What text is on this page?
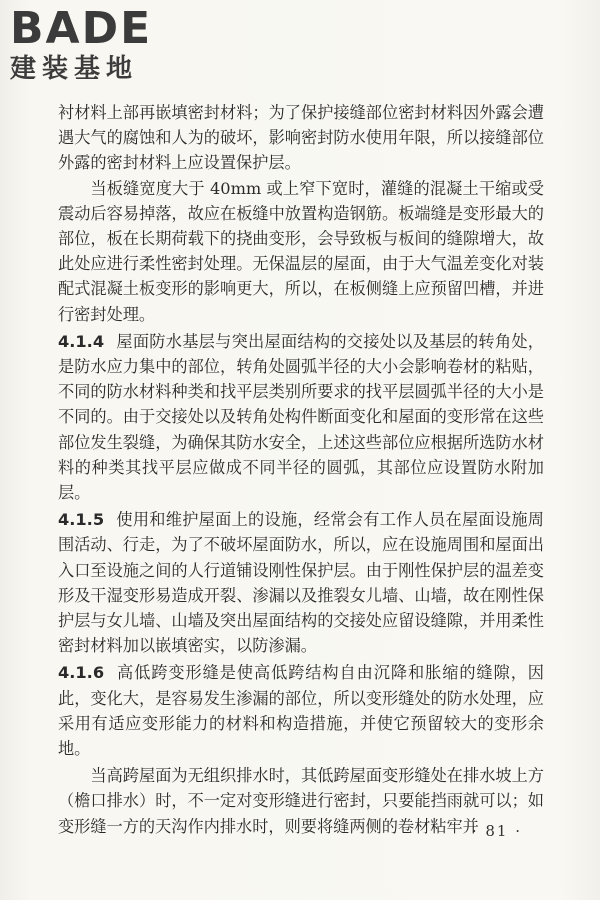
BADE
建装基地

衬材料上部再嵌填密封材料；为了保护接缝部位密封材料因外露会遭遇大气的腐蚀和人为的破坏，影响密封防水使用年限，所以接缝部位外露的密封材料上应设置保护层。

当板缝宽度大于 40mm 或上窄下宽时，灌缝的混凝土干缩或受震动后容易掉落，故应在板缝中放置构造钢筋。板端缝是变形最大的部位，板在长期荷载下的挠曲变形，会导致板与板间的缝隙增大，故此处应进行柔性密封处理。无保温层的屋面，由于大气温差变化对装配式混凝土板变形的影响更大，所以，在板侧缝上应预留凹槽，并进行密封处理。

4.1.4 屋面防水基层与突出屋面结构的交接处以及基层的转角处，是防水应力集中的部位，转角处圆弧半径的大小会影响卷材的粘贴，不同的防水材料种类和找平层类别所要求的找平层圆弧半径的大小是不同的。由于交接处以及转角处构件断面变化和屋面的变形常在这些部位发生裂缝，为确保其防水安全，上述这些部位应根据所选防水材料的种类其找平层应做成不同半径的圆弧，其部位应设置防水附加层。

4.1.5 使用和维护屋面上的设施，经常会有工作人员在屋面设施周围活动、行走，为了不破坏屋面防水，所以，应在设施周围和屋面出入口至设施之间的人行道铺设刚性保护层。由于刚性保护层的温差变形及干湿变形易造成开裂、渗漏以及推裂女儿墙、山墙，故在刚性保护层与女儿墙、山墙及突出屋面结构的交接处应留设缝隙，并用柔性密封材料加以嵌填密实，以防渗漏。

4.1.6 高低跨变形缝是使高低跨结构自由沉降和胀缩的缝隙，因此，变化大，是容易发生渗漏的部位，所以变形缝处的防水处理，应采用有适应变形能力的材料和构造措施，并使它预留较大的变形余地。

当高跨屋面为无组织排水时，其低跨屋面变形缝处在排水坡上方（檐口排水）时，不一定对变形缝进行密封，只要能挡雨就可以；如变形缝一方的天沟作内排水时，则要将缝两侧的卷材粘牢并

· 81 ·
